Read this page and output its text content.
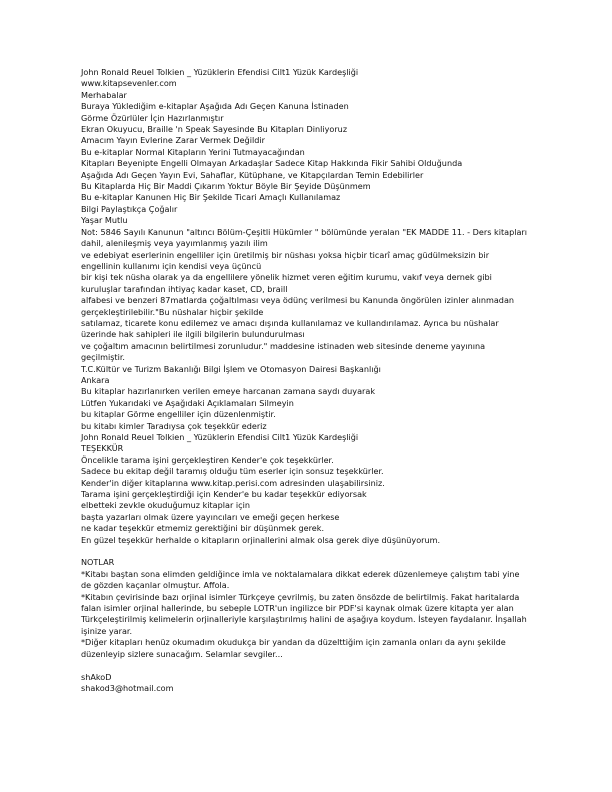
John Ronald Reuel Tolkien _ Yüzüklerin Efendisi Cilt1 Yüzük Kardeşliği

www.kitapsevenler.com

Merhabalar

Buraya Yüklediğim e-kitaplar Aşağıda Adı Geçen Kanuna İstinaden

Görme Özürlüler İçin Hazırlanmıştır

Ekran Okuyucu, Braille 'n Speak Sayesinde Bu Kitapları Dinliyoruz

Amacım Yayın Evlerine Zarar Vermek Değildir

Bu e-kitaplar Normal Kitapların Yerini Tutmayacağından

Kitapları Beyenipte Engelli Olmayan Arkadaşlar Sadece Kitap Hakkında Fikir Sahibi Olduğunda

Aşağıda Adı Geçen Yayın Evi, Sahaflar, Kütüphane, ve Kitapçılardan Temin Edebilirler

Bu Kitaplarda Hiç Bir Maddi Çıkarım Yoktur Böyle Bir Şeyide Düşünmem

Bu e-kitaplar Kanunen Hiç Bir Şekilde Ticari Amaçlı Kullanılamaz

Bilgi Paylaştıkça Çoğalır

Yaşar Mutlu

Not: 5846 Sayılı Kanunun "altıncı Bölüm-Çeşitli Hükümler " bölümünde yeralan "EK MADDE 11. - Ders kitapları dahil, alenileşmiş veya yayımlanmış yazılı ilim

ve edebiyat eserlerinin engelliler için üretilmiş bir nüshası yoksa hiçbir ticarî amaç güdülmeksizin bir engellinin kullanımı için kendisi veya üçüncü

bir kişi tek nüsha olarak ya da engellilere yönelik hizmet veren eğitim kurumu, vakıf veya dernek gibi kuruluşlar tarafından ihtiyaç kadar kaset, CD, braill

alfabesi ve benzeri 87matlarda çoğaltılması veya ödünç verilmesi bu Kanunda öngörülen izinler alınmadan gerçekleştirilebilir."Bu nüshalar hiçbir şekilde

satılamaz, ticarete konu edilemez ve amacı dışında kullanılamaz ve kullandırılamaz. Ayrıca bu nüshalar üzerinde hak sahipleri ile ilgili bilgilerin bulundurulması

ve çoğaltım amacının belirtilmesi zorunludur." maddesine istinaden web sitesinde deneme yayınına geçilmiştir.

T.C.Kültür ve Turizm Bakanlığı Bilgi İşlem ve Otomasyon Dairesi Başkanlığı

Ankara

Bu kitaplar hazırlanırken verilen emeye harcanan zamana saydı duyarak

Lütfen Yukarıdaki ve Aşağıdaki Açıklamaları Silmeyin

bu kitaplar Görme engelliler için düzenlenmiştir.

bu kitabı kimler Taradıysa çok teşekkür ederiz

John Ronald Reuel Tolkien _ Yüzüklerin Efendisi Cilt1 Yüzük Kardeşliği

TEŞEKKÜR

Öncelikle tarama işini gerçekleştiren Kender'e çok teşekkürler.

Sadece bu ekitap değil taramış olduğu tüm eserler için sonsuz teşekkürler.

Kender'in diğer kitaplarına www.kitap.perisi.com adresinden ulaşabilirsiniz.

Tarama işini gerçekleştirdiği için Kender'e bu kadar teşekkür ediyorsak

elbetteki zevkle okuduğumuz kitaplar için

başta yazarları olmak üzere yayıncıları ve emeği geçen herkese

ne kadar teşekkür etmemiz gerektiğini bir düşünmek gerek.

En güzel teşekkür herhalde o kitapların orjinallerini almak olsa gerek diye düşünüyorum.

NOTLAR

*Kitabı baştan sona elimden geldiğince imla ve noktalamalara dikkat ederek düzenlemeye çalıştım tabi yine de gözden kaçanlar olmuştur. Affola.

*Kitabın çevirisinde bazı orjinal isimler Türkçeye çevrilmiş, bu zaten önsözde de belirtilmiş. Fakat haritalarda falan isimler orjinal hallerinde, bu sebeple LOTR'un ingilizce bir PDF'si kaynak olmak üzere kitapta yer alan Türkçeleştirilmiş kelimelerin orjinalleriyle karşılaştırılmış halini de aşağıya koydum. İsteyen faydalanır. İnşallah işinize yarar.

*Diğer kitapları henüz okumadım okudukça bir yandan da düzelttiğim için zamanla onları da aynı şekilde düzenleyip sizlere sunacağım. Selamlar sevgiler...

shAkoD

shakod3@hotmail.com
